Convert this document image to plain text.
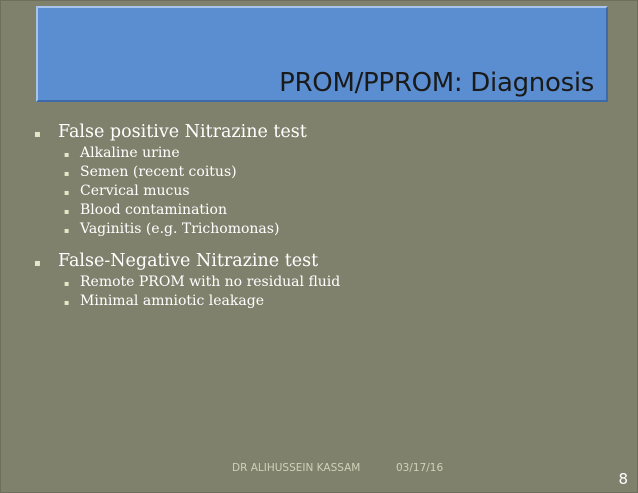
PROM/PPROM: Diagnosis
▪ False positive Nitrazine test
▪ Alkaline urine
▪ Semen (recent coitus)
▪ Cervical mucus
▪ Blood contamination
▪ Vaginitis (e.g. Trichomonas)
▪ False-Negative Nitrazine test
▪ Remote PROM with no residual fluid
▪ Minimal amniotic leakage
DR ALIHUSSEIN KASSAM	03/17/16
8
